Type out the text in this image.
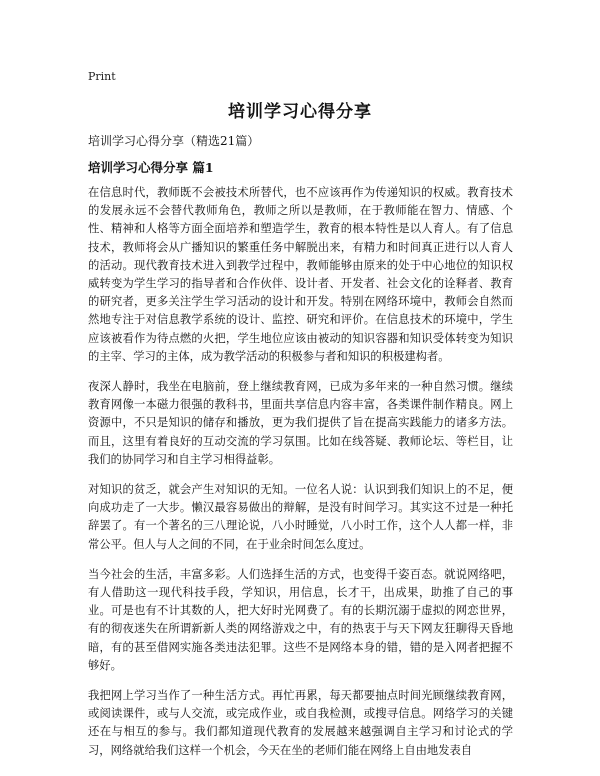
Print
培训学习心得分享
培训学习心得分享（精选21篇）
培训学习心得分享 篇1

在信息时代，教师既不会被技术所替代，也不应该再作为传递知识的权威。教育技术的发展永远不会替代教师角色，教师之所以是教师，在于教师能在智力、情感、个性、精神和人格等方面全面培养和塑造学生，教育的根本特性是以人育人。有了信息技术，教师将会从广播知识的繁重任务中解脱出来，有精力和时间真正进行以人育人的活动。现代教育技术进入到教学过程中，教师能够由原来的处于中心地位的知识权威转变为学生学习的指导者和合作伙伴、设计者、开发者、社会文化的诠释者、教育的研究者，更多关注学生学习活动的设计和开发。特别在网络环境中，教师会自然而然地专注于对信息教学系统的设计、监控、研究和评价。在信息技术的环境中，学生应该被看作为待点燃的火把，学生地位应该由被动的知识容器和知识受体转变为知识的主宰、学习的主体，成为教学活动的积极参与者和知识的积极建构者。

夜深人静时，我坐在电脑前，登上继续教育网，已成为多年来的一种自然习惯。继续教育网像一本磁力很强的教科书，里面共享信息内容丰富，各类课件制作精良。网上资源中，不只是知识的储存和播放，更为我们提供了旨在提高实践能力的诸多方法。而且，这里有着良好的互动交流的学习氛围。比如在线答疑、教师论坛、等栏目，让我们的协同学习和自主学习相得益彰。

对知识的贫乏，就会产生对知识的无知。一位名人说：认识到我们知识上的不足，便向成功走了一大步。懒汉最容易做出的辩解，是没有时间学习。其实这不过是一种托辞罢了。有一个著名的三八理论说，八小时睡觉，八小时工作，这个人人都一样，非常公平。但人与人之间的不同，在于业余时间怎么度过。

当今社会的生活，丰富多彩。人们选择生活的方式，也变得千姿百态。就说网络吧，有人借助这一现代科技手段，学知识，用信息，长才干，出成果，助推了自己的事业。可是也有不计其数的人，把大好时光网费了。有的长期沉溺于虚拟的网恋世界，有的彻夜迷失在所谓新新人类的网络游戏之中，有的热衷于与天下网友狂聊得天昏地暗，有的甚至借网实施各类违法犯罪。这些不是网络本身的错，错的是入网者把握不够好。

我把网上学习当作了一种生活方式。再忙再累，每天都要抽点时间光顾继续教育网，或阅读课件，或与人交流，或完成作业，或自我检测，或搜寻信息。网络学习的关键还在与相互的参与。我们都知道现代教育的发展越来越强调自主学习和讨论式的学习，网络就给我们这样一个机会，今天在坐的老师们能在网络上自由地发表自
